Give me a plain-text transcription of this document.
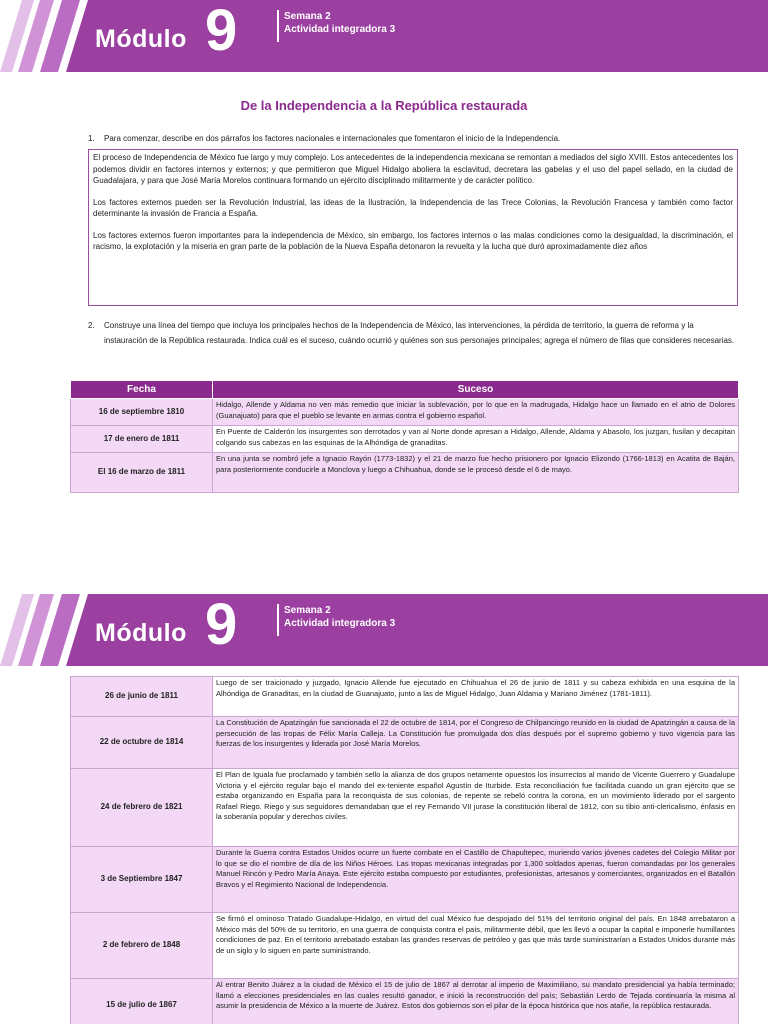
Módulo 9	Semana 2
Actividad integradora 3
De la Independencia a la República restaurada
1.	Para comenzar, describe en dos párrafos los factores nacionales e internacionales que fomentaron el inicio de la Independencia.

El proceso de Independencia de México fue largo y muy complejo. Los antecedentes de la independencia mexicana se remontan a mediados del siglo XVIII. Estos antecedentes los podemos dividir en factores internos y externos; y que permitieron que Miguel Hidalgo aboliera la esclavitud, decretara las gabelas y el uso del papel sellado, en la ciudad de Guadalajara, y para que José María Morelos continuara formando un ejército disciplinado militarmente y de carácter político.

Los factores externos pueden ser la Revolución Industrial, las ideas de la Ilustración, la Independencia de las Trece Colonias, la Revolución Francesa y también como factor determinante la invasión de Francia a España.

Los factores externos fueron importantes para la independencia de México, sin embargo, los factores internos o las malas condiciones como la desigualdad, la discriminación, el racismo, la explotación y la miseria en gran parte de la población de la Nueva España detonaron la revuelta y la lucha que duró aproximadamente diez años

2.	Construye una línea del tiempo que incluya los principales hechos de la Independencia de México, las intervenciones, la pérdida de territorio, la guerra de reforma y la instauración de la República restaurada. Indica cuál es el suceso, cuándo ocurrió y quiénes son sus personajes principales; agrega el número de filas que consideres necesarias.
Fecha	Suceso
16 de septiembre 1810	Hidalgo, Allende y Aldama no ven más remedio que iniciar la sublevación, por lo que en la madrugada, Hidalgo hace un llamado en el atrio de Dolores (Guanajuato) para que el pueblo se levante en armas contra el gobierno español.
17 de enero de 1811	En Puente de Calderón los insurgentes son derrotados y van al Norte donde apresan a Hidalgo, Allende, Aldama y Abasolo, los juzgan, fusilan y decapitan colgando sus cabezas en las esquinas de la Alhóndiga de granaditas.
El 16 de marzo de 1811	En una junta se nombró jefe a Ignacio Rayón (1773-1832) y el 21 de marzo fue hecho prisionero por Ignacio Elizondo (1766-1813) en Acatita de Baján, para posteriormente conducirle a Monclova y luego a Chihuahua, donde se le procesó desde el 6 de mayo.
Módulo 9	Semana 2
Actividad integradora 3
26 de junio de 1811	Luego de ser traicionado y juzgado, Ignacio Allende fue ejecutado en Chihuahua el 26 de junio de 1811 y su cabeza exhibida en una esquina de la Alhóndiga de Granaditas, en la ciudad de Guanajuato, junto a las de Miguel Hidalgo, Juan Aldama y Mariano Jiménez (1781-1811).
22 de octubre de 1814	La Constitución de Apatzingán fue sancionada el 22 de octubre de 1814, por el Congreso de Chilpancingo reunido en la ciudad de Apatzingán a causa de la persecución de las tropas de Félix María Calleja. La Constitución fue promulgada dos días después por el supremo gobierno y tuvo vigencia para las fuerzas de los insurgentes y liderada por José María Morelos.
24 de febrero de 1821	El Plan de Iguala fue proclamado y también sello la alianza de dos grupos netamente opuestos los insurrectos al mando de Vicente Guerrero y Guadalupe Victoria y el ejército regular bajo el mando del ex-teniente español Agustín de Iturbide. Esta reconciliación fue facilitada cuando un gran ejército que se estaba organizando en España para la reconquista de sus colonias, de repente se rebeló contra la corona, en un movimiento liderado por el sargento Rafael Riego. Riego y sus seguidores demandaban que el rey Fernando VII jurase la constitución liberal de 1812, con su tibio anti-clericalismo, énfasis en la soberanía popular y derechos civiles.
3 de Septiembre 1847	Durante la Guerra contra Estados Unidos ocurre un fuerte combate en el Castillo de Chapultepec, muriendo varios jóvenes cadetes del Colegio Militar por lo que se dio el nombre de día de los Niños Héroes. Las tropas mexicanas integradas por 1,300 soldados apenas, fueron comandadas por los generales Manuel Rincón y Pedro María Anaya. Este ejército estaba compuesto por estudiantes, profesionistas, artesanos y comerciantes, organizados en el Batallón Bravos y el Regimiento Nacional de Independencia.
2 de febrero de 1848	Se firmó el ominoso Tratado Guadalupe-Hidalgo, en virtud del cual México fue despojado del 51% del territorio original del país. En 1848 arrebataron a México más del 50% de su territorio, en una guerra de conquista contra el país, militarmente débil, que les llevó a ocupar la capital e imponerle humillantes condiciones de paz. En el territorio arrebatado estaban las grandes reservas de petróleo y gas que más tarde suministrarían a Estados Unidos durante más de un siglo y lo siguen en parte suministrando.
15 de julio de 1867	Al entrar Benito Juárez a la ciudad de México el 15 de julio de 1867 al derrotar al imperio de Maximiliano, su mandato presidencial ya había terminado; llamó a elecciones presidenciales en las cuales resultó ganador, e inició la reconstrucción del país; Sebastián Lerdo de Tejada continuaría la misma al asumir la presidencia de México a la muerte de Juárez. Estos dos gobiernos son el pilar de la época histórica que nos atañe, la república restaurada.
